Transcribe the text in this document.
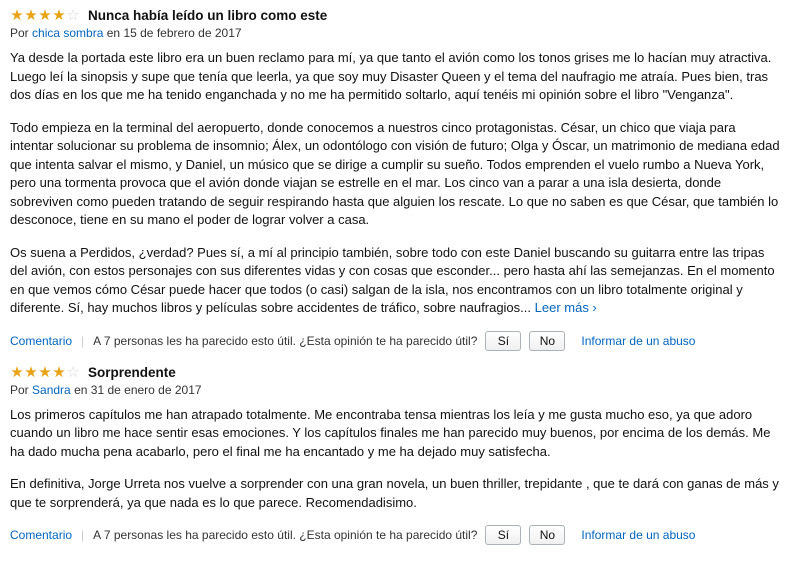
★★★★☆ Nunca había leído un libro como este
Por chica sombra en 15 de febrero de 2017

Ya desde la portada este libro era un buen reclamo para mí, ya que tanto el avión como los tonos grises me lo hacían muy atractiva. Luego leí la sinopsis y supe que tenía que leerla, ya que soy muy Disaster Queen y el tema del naufragio me atraía. Pues bien, tras dos días en los que me ha tenido enganchada y no me ha permitido soltarlo, aquí tenéis mi opinión sobre el libro "Venganza".

Todo empieza en la terminal del aeropuerto, donde conocemos a nuestros cinco protagonistas. César, un chico que viaja para intentar solucionar su problema de insomnio; Álex, un odontólogo con visión de futuro; Olga y Óscar, un matrimonio de mediana edad que intenta salvar el mismo, y Daniel, un músico que se dirige a cumplir su sueño. Todos emprenden el vuelo rumbo a Nueva York, pero una tormenta provoca que el avión donde viajan se estrelle en el mar. Los cinco van a parar a una isla desierta, donde sobreviven como pueden tratando de seguir respirando hasta que alguien los rescate. Lo que no saben es que César, que también lo desconoce, tiene en su mano el poder de lograr volver a casa.

Os suena a Perdidos, ¿verdad? Pues sí, a mí al principio también, sobre todo con este Daniel buscando su guitarra entre las tripas del avión, con estos personajes con sus diferentes vidas y con cosas que esconder... pero hasta ahí las semejanzas. En el momento en que vemos cómo César puede hacer que todos (o casi) salgan de la isla, nos encontramos con un libro totalmente original y diferente. Sí, hay muchos libros y películas sobre accidentes de tráfico, sobre naufragios... Leer más ›

Comentario | A 7 personas les ha parecido esto útil. ¿Esta opinión te ha parecido útil?	Sí	No	Informar de un abuso
★★★★☆ Sorprendente
Por Sandra en 31 de enero de 2017

Los primeros capítulos me han atrapado totalmente. Me encontraba tensa mientras los leía y me gusta mucho eso, ya que adoro cuando un libro me hace sentir esas emociones. Y los capítulos finales me han parecido muy buenos, por encima de los demás. Me ha dado mucha pena acabarlo, pero el final me ha encantado y me ha dejado muy satisfecha.

En definitiva, Jorge Urreta nos vuelve a sorprender con una gran novela, un buen thriller, trepidante , que te dará con ganas de más y que te sorprenderá, ya que nada es lo que parece. Recomendadisimo.

Comentario | A 7 personas les ha parecido esto útil. ¿Esta opinión te ha parecido útil?	Sí	No	Informar de un abuso
